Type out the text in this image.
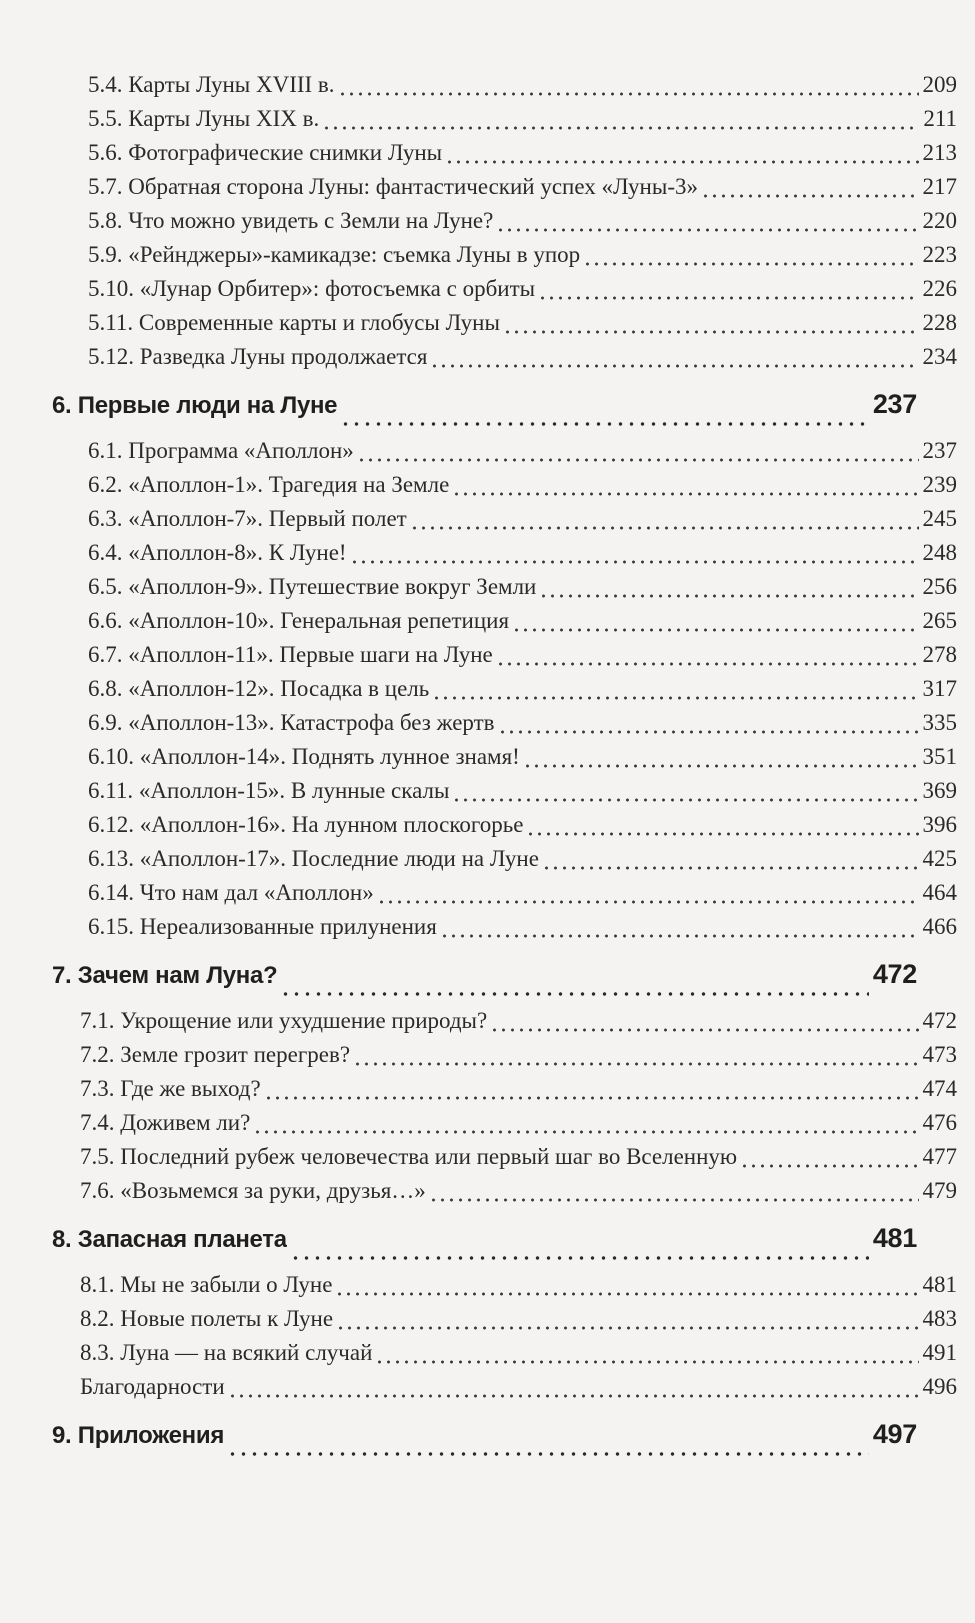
5.4. Карты Луны XVIII в.	209
5.5. Карты Луны XIX в.	211
5.6. Фотографические снимки Луны	213
5.7. Обратная сторона Луны: фантастический успех «Луны-3»	217
5.8. Что можно увидеть с Земли на Луне?	220
5.9. «Рейнджеры»-камикадзе: съемка Луны в упор	223
5.10. «Лунар Орбитер»: фотосъемка с орбиты	226
5.11. Современные карты и глобусы Луны	228
5.12. Разведка Луны продолжается	234
6. Первые люди на Луне	237
6.1. Программа «Аполлон»	237
6.2. «Аполлон-1». Трагедия на Земле	239
6.3. «Аполлон-7». Первый полет	245
6.4. «Аполлон-8». К Луне!	248
6.5. «Аполлон-9». Путешествие вокруг Земли	256
6.6. «Аполлон-10». Генеральная репетиция	265
6.7. «Аполлон-11». Первые шаги на Луне	278
6.8. «Аполлон-12». Посадка в цель	317
6.9. «Аполлон-13». Катастрофа без жертв	335
6.10. «Аполлон-14». Поднять лунное знамя!	351
6.11. «Аполлон-15». В лунные скалы	369
6.12. «Аполлон-16». На лунном плоскогорье	396
6.13. «Аполлон-17». Последние люди на Луне	425
6.14. Что нам дал «Аполлон»	464
6.15. Нереализованные прилунения	466
7. Зачем нам Луна?	472
7.1. Укрощение или ухудшение природы?	472
7.2. Земле грозит перегрев?	473
7.3. Где же выход?	474
7.4. Доживем ли?	476
7.5. Последний рубеж человечества или первый шаг во Вселенную	477
7.6. «Возьмемся за руки, друзья…»	479
8. Запасная планета	481
8.1. Мы не забыли о Луне	481
8.2. Новые полеты к Луне	483
8.3. Луна — на всякий случай	491
Благодарности	496
9. Приложения	497
